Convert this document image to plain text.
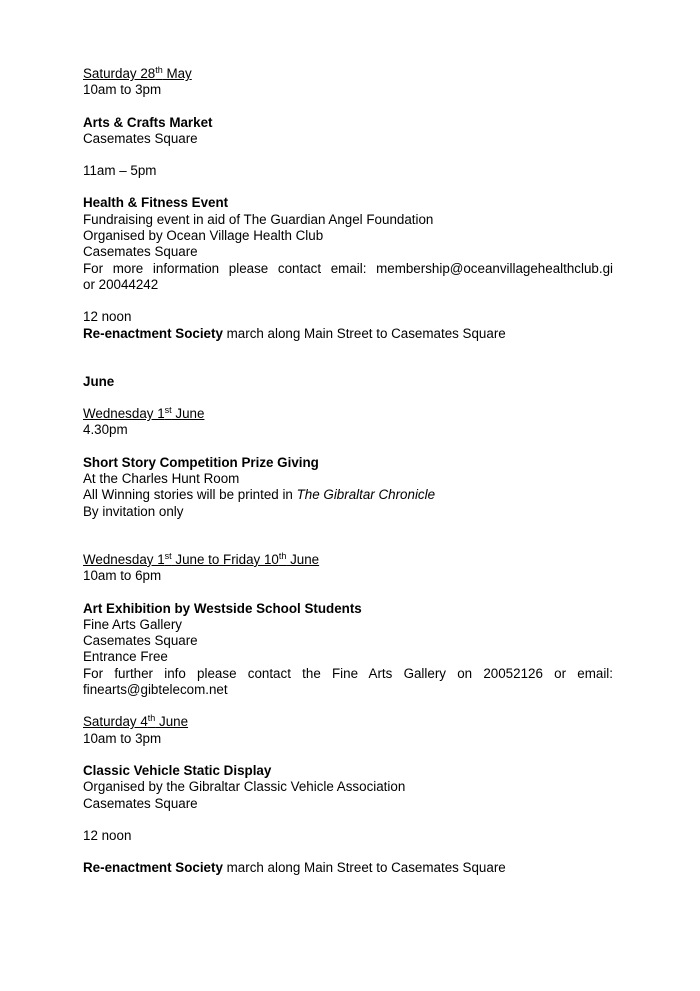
Saturday 28th May
10am to 3pm
Arts & Crafts Market
Casemates Square
11am – 5pm
Health & Fitness Event
Fundraising event in aid of The Guardian Angel Foundation
Organised by Ocean Village Health Club
Casemates Square
For more information please contact email: membership@oceanvillagehealthclub.gi
or 20044242
12 noon
Re-enactment Society march along Main Street to Casemates Square
June
Wednesday 1st June
4.30pm
Short Story Competition Prize Giving
At the Charles Hunt Room
All Winning stories will be printed in The Gibraltar Chronicle
By invitation only
Wednesday 1st June to Friday 10th June
10am to 6pm
Art Exhibition by Westside School Students
Fine Arts Gallery
Casemates Square
Entrance Free
For further info please contact the Fine Arts Gallery on 20052126 or email:
finearts@gibtelecom.net
Saturday 4th June
10am to 3pm
Classic Vehicle Static Display
Organised by the Gibraltar Classic Vehicle Association
Casemates Square
12 noon
Re-enactment Society march along Main Street to Casemates Square
